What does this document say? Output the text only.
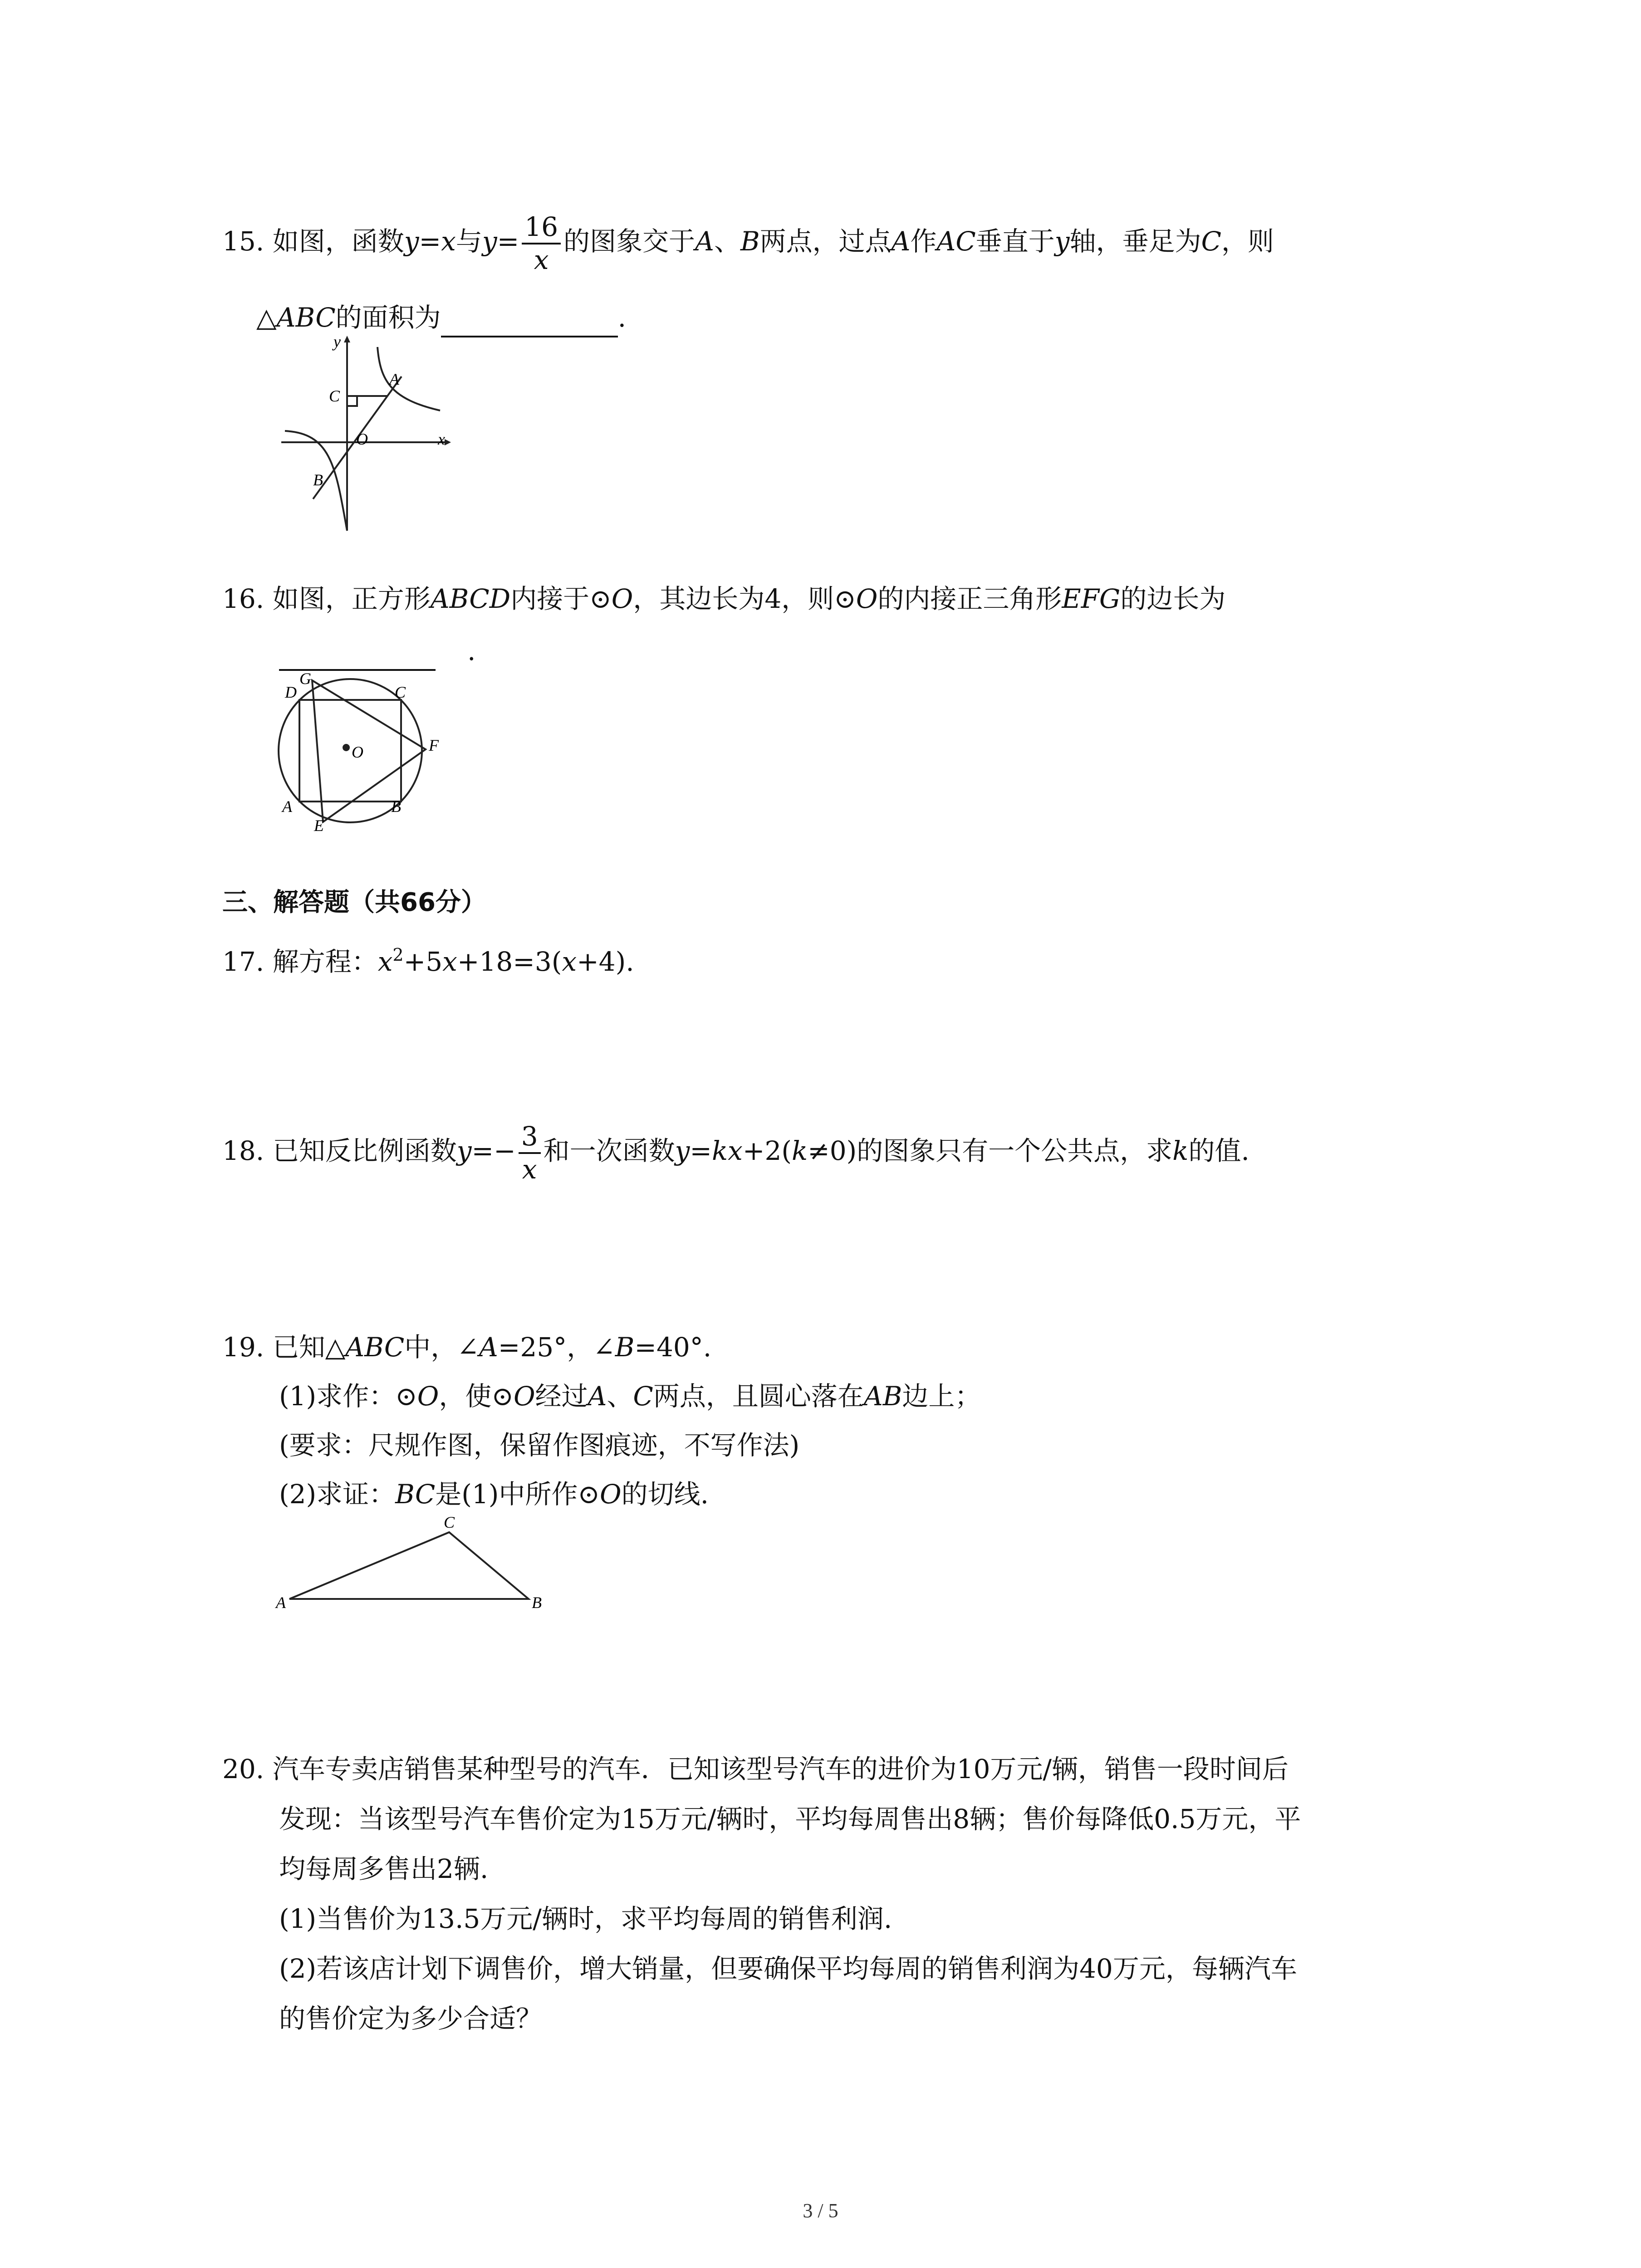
15. 如图，函数y=x与$y= \frac{16}{x}$ 的图象交于A、B两点，过点A作AC垂直于y轴，垂足为C，则
△ABC的面积为	.
y
x
A
C
O
B
16. 如图，正方形ABCD内接于⊙O，其边长为4，则⊙O的内接正三角形EFG的边长为
.
D
G
C
F
O
A
E
B
三、解答题（共66分）
17. 解方程：$x^2+5x+18=3(x+4)$.
18. 已知反比例函数$y=- \frac{3}{x}$ 和一次函数y=kx+2(k≠0)的图象只有一个公共点，求k的值.
19. 已知△ABC中，∠A=25°，∠B=40°.
(1)求作：⊙O，使⊙O经过A、C两点，且圆心落在AB边上；
(要求：尺规作图，保留作图痕迹，不写作法)
(2)求证：BC是(1)中所作⊙O的切线.
C
A	B
20. 汽车专卖店销售某种型号的汽车．已知该型号汽车的进价为10万元/辆，销售一段时间后
发现：当该型号汽车售价定为15万元/辆时，平均每周售出8辆；售价每降低0.5万元，平
均每周多售出2辆.
(1)当售价为13.5万元/辆时，求平均每周的销售利润.
(2)若该店计划下调售价，增大销量，但要确保平均每周的销售利润为40万元，每辆汽车
的售价定为多少合适？
3 / 5
